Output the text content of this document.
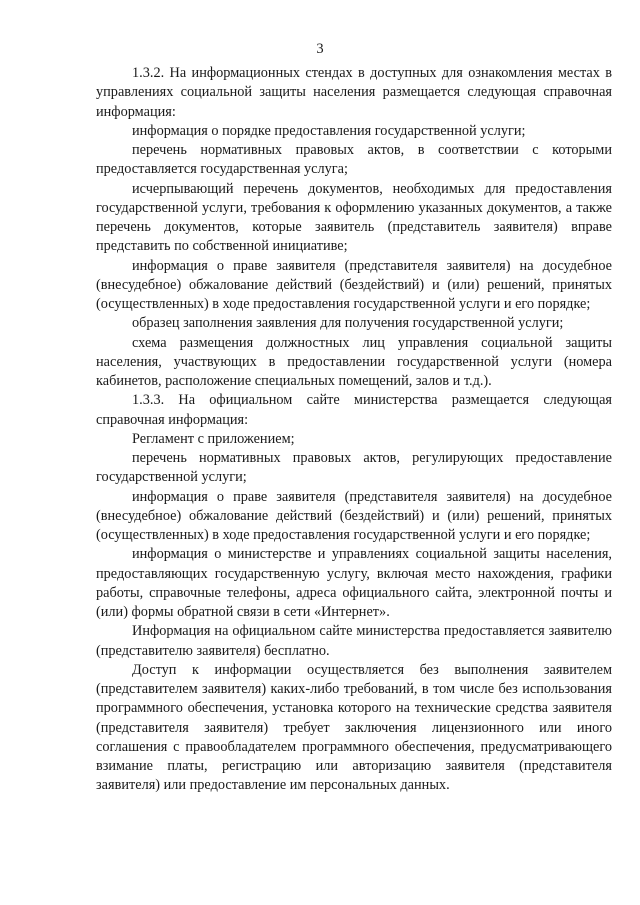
3

1.3.2. На информационных стендах в доступных для ознакомления местах в управлениях социальной защиты населения размещается следующая справочная информация:

информация о порядке предоставления государственной услуги;

перечень нормативных правовых актов, в соответствии с которыми предоставляется государственная услуга;

исчерпывающий перечень документов, необходимых для предоставления государственной услуги, требования к оформлению указанных документов, а также перечень документов, которые заявитель (представитель заявителя) вправе представить по собственной инициативе;

информация о праве заявителя (представителя заявителя) на досудебное (внесудебное) обжалование действий (бездействий) и (или) решений, принятых (осуществленных) в ходе предоставления государственной услуги и его порядке;

образец заполнения заявления для получения государственной услуги;

схема размещения должностных лиц управления социальной защиты населения, участвующих в предоставлении государственной услуги (номера кабинетов, расположение специальных помещений, залов и т.д.).

1.3.3. На официальном сайте министерства размещается следующая справочная информация:

Регламент с приложением;

перечень нормативных правовых актов, регулирующих предоставление государственной услуги;

информация о праве заявителя (представителя заявителя) на досудебное (внесудебное) обжалование действий (бездействий) и (или) решений, принятых (осуществленных) в ходе предоставления государственной услуги и его порядке;

информация о министерстве и управлениях социальной защиты населения, предоставляющих государственную услугу, включая место нахождения, графики работы, справочные телефоны, адреса официального сайта, электронной почты и (или) формы обратной связи в сети «Интернет».

Информация на официальном сайте министерства предоставляется заявителю (представителю заявителя) бесплатно.

Доступ к информации осуществляется без выполнения заявителем (представителем заявителя) каких-либо требований, в том числе без использования программного обеспечения, установка которого на технические средства заявителя (представителя заявителя) требует заключения лицензионного или иного соглашения с правообладателем программного обеспечения, предусматривающего взимание платы, регистрацию или авторизацию заявителя (представителя заявителя) или предоставление им персональных данных.
